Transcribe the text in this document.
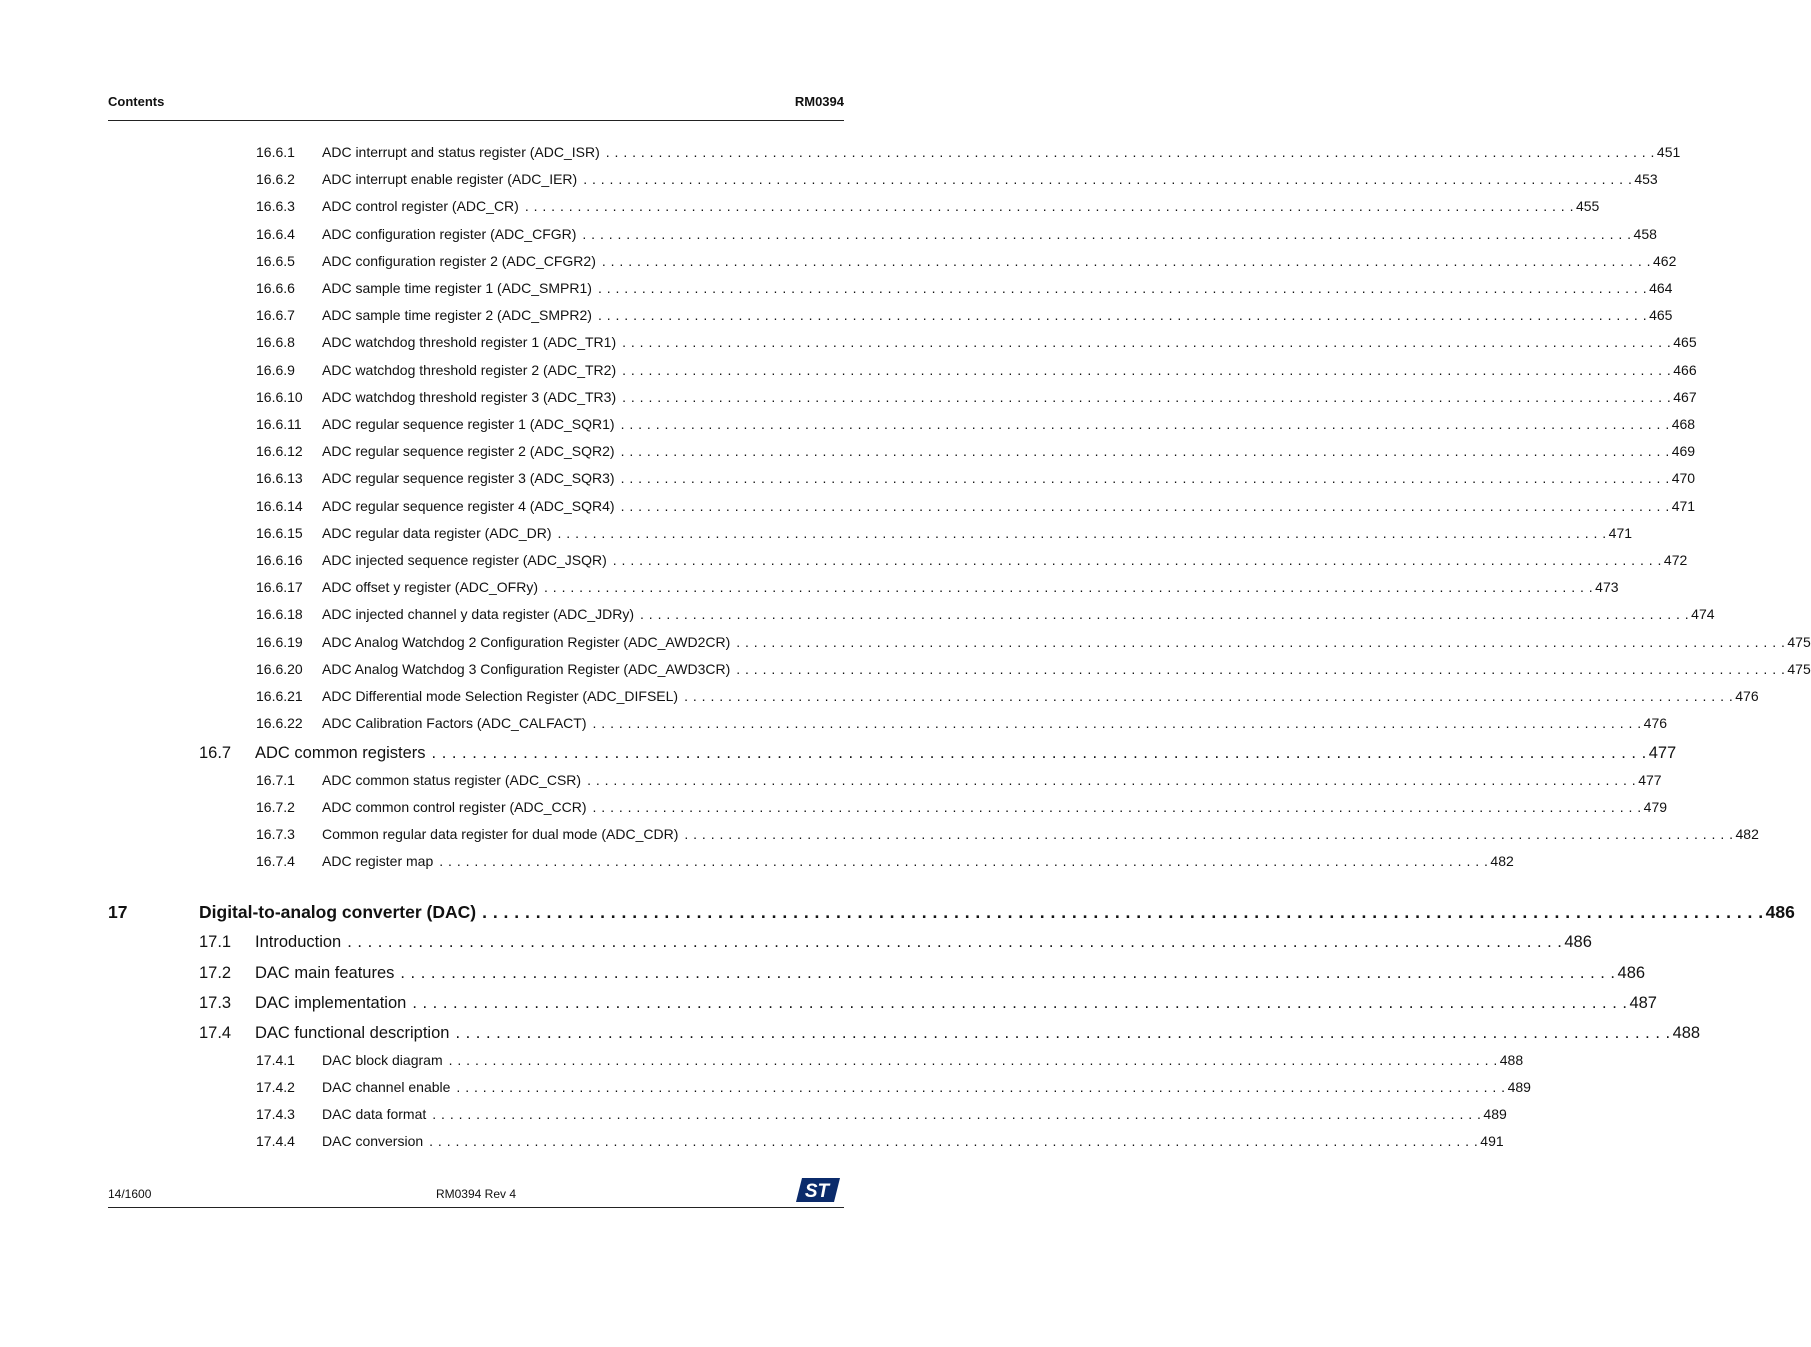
Contents	RM0394
16.6.1 ADC interrupt and status register (ADC_ISR) . . . . . . . . . . . . . . . . . . . . . . . . . . . . . . . . . . . . . . . . . . . . . . . . . . . . . . . . . . . . . . . . . . . . . . . . . . . . . . . . . . . . . . . . . . . . . . . . . . . . . . . . . . . . . . . . . . . . . . . . 451
16.6.2 ADC interrupt enable register (ADC_IER) . . . . . . . . . . . . . . . . . . . . . . . . . . . . . . . . . . . . . . . . . . . . . . . . . . . . . . . . . . . . . . . . . . . . . . . . . . . . . . . . . . . . . . . . . . . . . . . . . . . . . . . . . . . . . . . . . . . . . . . . 453
16.6.3 ADC control register (ADC_CR) . . . . . . . . . . . . . . . . . . . . . . . . . . . . . . . . . . . . . . . . . . . . . . . . . . . . . . . . . . . . . . . . . . . . . . . . . . . . . . . . . . . . . . . . . . . . . . . . . . . . . . . . . . . . . . . . . . . . . . . . 455
16.6.4 ADC configuration register (ADC_CFGR) . . . . . . . . . . . . . . . . . . . . . . . . . . . . . . . . . . . . . . . . . . . . . . . . . . . . . . . . . . . . . . . . . . . . . . . . . . . . . . . . . . . . . . . . . . . . . . . . . . . . . . . . . . . . . . . . . . . . . . . . 458
16.6.5 ADC configuration register 2 (ADC_CFGR2) . . . . . . . . . . . . . . . . . . . . . . . . . . . . . . . . . . . . . . . . . . . . . . . . . . . . . . . . . . . . . . . . . . . . . . . . . . . . . . . . . . . . . . . . . . . . . . . . . . . . . . . . . . . . . . . . . . . . . . . . 462
16.6.6 ADC sample time register 1 (ADC_SMPR1) . . . . . . . . . . . . . . . . . . . . . . . . . . . . . . . . . . . . . . . . . . . . . . . . . . . . . . . . . . . . . . . . . . . . . . . . . . . . . . . . . . . . . . . . . . . . . . . . . . . . . . . . . . . . . . . . . . . . . . . . 464
16.6.7 ADC sample time register 2 (ADC_SMPR2) . . . . . . . . . . . . . . . . . . . . . . . . . . . . . . . . . . . . . . . . . . . . . . . . . . . . . . . . . . . . . . . . . . . . . . . . . . . . . . . . . . . . . . . . . . . . . . . . . . . . . . . . . . . . . . . . . . . . . . . . 465
16.6.8 ADC watchdog threshold register 1 (ADC_TR1) . . . . . . . . . . . . . . . . . . . . . . . . . . . . . . . . . . . . . . . . . . . . . . . . . . . . . . . . . . . . . . . . . . . . . . . . . . . . . . . . . . . . . . . . . . . . . . . . . . . . . . . . . . . . . . . . . . . . . . . . 465
16.6.9 ADC watchdog threshold register 2 (ADC_TR2) . . . . . . . . . . . . . . . . . . . . . . . . . . . . . . . . . . . . . . . . . . . . . . . . . . . . . . . . . . . . . . . . . . . . . . . . . . . . . . . . . . . . . . . . . . . . . . . . . . . . . . . . . . . . . . . . . . . . . . . . 466
16.6.10 ADC watchdog threshold register 3 (ADC_TR3) . . . . . . . . . . . . . . . . . . . . . . . . . . . . . . . . . . . . . . . . . . . . . . . . . . . . . . . . . . . . . . . . . . . . . . . . . . . . . . . . . . . . . . . . . . . . . . . . . . . . . . . . . . . . . . . . . . . . . . . . 467
16.6.11 ADC regular sequence register 1 (ADC_SQR1) . . . . . . . . . . . . . . . . . . . . . . . . . . . . . . . . . . . . . . . . . . . . . . . . . . . . . . . . . . . . . . . . . . . . . . . . . . . . . . . . . . . . . . . . . . . . . . . . . . . . . . . . . . . . . . . . . . . . . . . . 468
16.6.12 ADC regular sequence register 2 (ADC_SQR2) . . . . . . . . . . . . . . . . . . . . . . . . . . . . . . . . . . . . . . . . . . . . . . . . . . . . . . . . . . . . . . . . . . . . . . . . . . . . . . . . . . . . . . . . . . . . . . . . . . . . . . . . . . . . . . . . . . . . . . . . 469
16.6.13 ADC regular sequence register 3 (ADC_SQR3) . . . . . . . . . . . . . . . . . . . . . . . . . . . . . . . . . . . . . . . . . . . . . . . . . . . . . . . . . . . . . . . . . . . . . . . . . . . . . . . . . . . . . . . . . . . . . . . . . . . . . . . . . . . . . . . . . . . . . . . . 470
16.6.14 ADC regular sequence register 4 (ADC_SQR4) . . . . . . . . . . . . . . . . . . . . . . . . . . . . . . . . . . . . . . . . . . . . . . . . . . . . . . . . . . . . . . . . . . . . . . . . . . . . . . . . . . . . . . . . . . . . . . . . . . . . . . . . . . . . . . . . . . . . . . . . 471
16.6.15 ADC regular data register (ADC_DR) . . . . . . . . . . . . . . . . . . . . . . . . . . . . . . . . . . . . . . . . . . . . . . . . . . . . . . . . . . . . . . . . . . . . . . . . . . . . . . . . . . . . . . . . . . . . . . . . . . . . . . . . . . . . . . . . . . . . . . . . 471
16.6.16 ADC injected sequence register (ADC_JSQR) . . . . . . . . . . . . . . . . . . . . . . . . . . . . . . . . . . . . . . . . . . . . . . . . . . . . . . . . . . . . . . . . . . . . . . . . . . . . . . . . . . . . . . . . . . . . . . . . . . . . . . . . . . . . . . . . . . . . . . . . 472
16.6.17 ADC offset y register (ADC_OFRy) . . . . . . . . . . . . . . . . . . . . . . . . . . . . . . . . . . . . . . . . . . . . . . . . . . . . . . . . . . . . . . . . . . . . . . . . . . . . . . . . . . . . . . . . . . . . . . . . . . . . . . . . . . . . . . . . . . . . . . . . 473
16.6.18 ADC injected channel y data register (ADC_JDRy) . . . . . . . . . . . . . . . . . . . . . . . . . . . . . . . . . . . . . . . . . . . . . . . . . . . . . . . . . . . . . . . . . . . . . . . . . . . . . . . . . . . . . . . . . . . . . . . . . . . . . . . . . . . . . . . . . . . . . . . . 474
16.6.19 ADC Analog Watchdog 2 Configuration Register (ADC_AWD2CR) . . . . . . . . . . . . . . . . . . . . . . . . . . . . . . . . . . . . . . . . . . . . . . . . . . . . . . . . . . . . . . . . . . . . . . . . . . . . . . . . . . . . . . . . . . . . . . . . . . . . . . . . . . . . . . . . . . . . . . . . 475
16.6.20 ADC Analog Watchdog 3 Configuration Register (ADC_AWD3CR) . . . . . . . . . . . . . . . . . . . . . . . . . . . . . . . . . . . . . . . . . . . . . . . . . . . . . . . . . . . . . . . . . . . . . . . . . . . . . . . . . . . . . . . . . . . . . . . . . . . . . . . . . . . . . . . . . . . . . . . . 475
16.6.21 ADC Differential mode Selection Register (ADC_DIFSEL) . . . . . . . . . . . . . . . . . . . . . . . . . . . . . . . . . . . . . . . . . . . . . . . . . . . . . . . . . . . . . . . . . . . . . . . . . . . . . . . . . . . . . . . . . . . . . . . . . . . . . . . . . . . . . . . . . . . . . . . . 476
16.6.22 ADC Calibration Factors (ADC_CALFACT) . . . . . . . . . . . . . . . . . . . . . . . . . . . . . . . . . . . . . . . . . . . . . . . . . . . . . . . . . . . . . . . . . . . . . . . . . . . . . . . . . . . . . . . . . . . . . . . . . . . . . . . . . . . . . . . . . . . . . . . . 476
16.7 ADC common registers . . . . . . . . . . . . . . . . . . . . . . . . . . . . . . . . . . . . . . . . . . . . . . . . . . . . . . . . . . . . . . . . . . . . . . . . . . . . . . . . . . . . . . . . . . . . . . . . . . . . . . . . . . . . . . . . . . . . . . . . 477
16.7.1 ADC common status register (ADC_CSR) . . . . . . . . . . . . . . . . . . . . . . . . . . . . . . . . . . . . . . . . . . . . . . . . . . . . . . . . . . . . . . . . . . . . . . . . . . . . . . . . . . . . . . . . . . . . . . . . . . . . . . . . . . . . . . . . . . . . . . . . 477
16.7.2 ADC common control register (ADC_CCR) . . . . . . . . . . . . . . . . . . . . . . . . . . . . . . . . . . . . . . . . . . . . . . . . . . . . . . . . . . . . . . . . . . . . . . . . . . . . . . . . . . . . . . . . . . . . . . . . . . . . . . . . . . . . . . . . . . . . . . . . 479
16.7.3 Common regular data register for dual mode (ADC_CDR) . . . . . . . . . . . . . . . . . . . . . . . . . . . . . . . . . . . . . . . . . . . . . . . . . . . . . . . . . . . . . . . . . . . . . . . . . . . . . . . . . . . . . . . . . . . . . . . . . . . . . . . . . . . . . . . . . . . . . . . . 482
16.7.4 ADC register map . . . . . . . . . . . . . . . . . . . . . . . . . . . . . . . . . . . . . . . . . . . . . . . . . . . . . . . . . . . . . . . . . . . . . . . . . . . . . . . . . . . . . . . . . . . . . . . . . . . . . . . . . . . . . . . . . . . . . . . . 482
17	Digital-to-analog converter (DAC) . . . . . . . . . . . . . . . . . . . . . . . . . . . . . . . . . . . . . . . . . . . . . . . . . . . . . . . . . . . . . . . . . . . . . . . . . . . . . . . . . . . . . . . . . . . . . . . . . . . . . . . . . . . . . . . . . . . . . . . . 486
17.1 Introduction . . . . . . . . . . . . . . . . . . . . . . . . . . . . . . . . . . . . . . . . . . . . . . . . . . . . . . . . . . . . . . . . . . . . . . . . . . . . . . . . . . . . . . . . . . . . . . . . . . . . . . . . . . . . . . . . . . . . . . . . 486
17.2 DAC main features . . . . . . . . . . . . . . . . . . . . . . . . . . . . . . . . . . . . . . . . . . . . . . . . . . . . . . . . . . . . . . . . . . . . . . . . . . . . . . . . . . . . . . . . . . . . . . . . . . . . . . . . . . . . . . . . . . . . . . . . 486
17.3 DAC implementation . . . . . . . . . . . . . . . . . . . . . . . . . . . . . . . . . . . . . . . . . . . . . . . . . . . . . . . . . . . . . . . . . . . . . . . . . . . . . . . . . . . . . . . . . . . . . . . . . . . . . . . . . . . . . . . . . . . . . . . . 487
17.4 DAC functional description . . . . . . . . . . . . . . . . . . . . . . . . . . . . . . . . . . . . . . . . . . . . . . . . . . . . . . . . . . . . . . . . . . . . . . . . . . . . . . . . . . . . . . . . . . . . . . . . . . . . . . . . . . . . . . . . . . . . . . . . 488
17.4.1 DAC block diagram . . . . . . . . . . . . . . . . . . . . . . . . . . . . . . . . . . . . . . . . . . . . . . . . . . . . . . . . . . . . . . . . . . . . . . . . . . . . . . . . . . . . . . . . . . . . . . . . . . . . . . . . . . . . . . . . . . . . . . . . 488
17.4.2 DAC channel enable . . . . . . . . . . . . . . . . . . . . . . . . . . . . . . . . . . . . . . . . . . . . . . . . . . . . . . . . . . . . . . . . . . . . . . . . . . . . . . . . . . . . . . . . . . . . . . . . . . . . . . . . . . . . . . . . . . . . . . . . 489
17.4.3 DAC data format . . . . . . . . . . . . . . . . . . . . . . . . . . . . . . . . . . . . . . . . . . . . . . . . . . . . . . . . . . . . . . . . . . . . . . . . . . . . . . . . . . . . . . . . . . . . . . . . . . . . . . . . . . . . . . . . . . . . . . . . 489
17.4.4 DAC conversion . . . . . . . . . . . . . . . . . . . . . . . . . . . . . . . . . . . . . . . . . . . . . . . . . . . . . . . . . . . . . . . . . . . . . . . . . . . . . . . . . . . . . . . . . . . . . . . . . . . . . . . . . . . . . . . . . . . . . . . . 491
14/1600	RM0394 Rev 4	ST
